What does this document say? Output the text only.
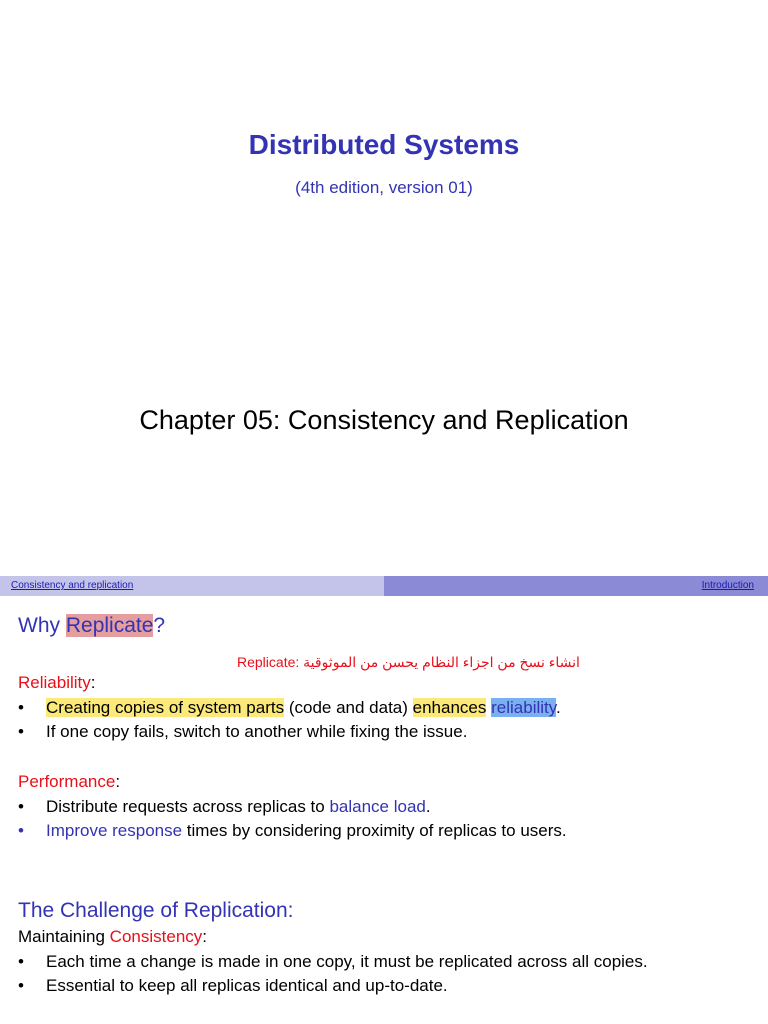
Distributed Systems
(4th edition, version 01)
Chapter 05: Consistency and Replication
Consistency and replication	Introduction
Why Replicate?
Replicate: انشاء نسخ من اجزاء النظام يحسن من الموثوقية
Reliability:
• Creating copies of system parts (code and data) enhances reliability.
• If one copy fails, switch to another while fixing the issue.
Performance:
• Distribute requests across replicas to balance load.
• Improve response times by considering proximity of replicas to users.
The Challenge of Replication:
Maintaining Consistency:
• Each time a change is made in one copy, it must be replicated across all copies.
• Essential to keep all replicas identical and up-to-date.
